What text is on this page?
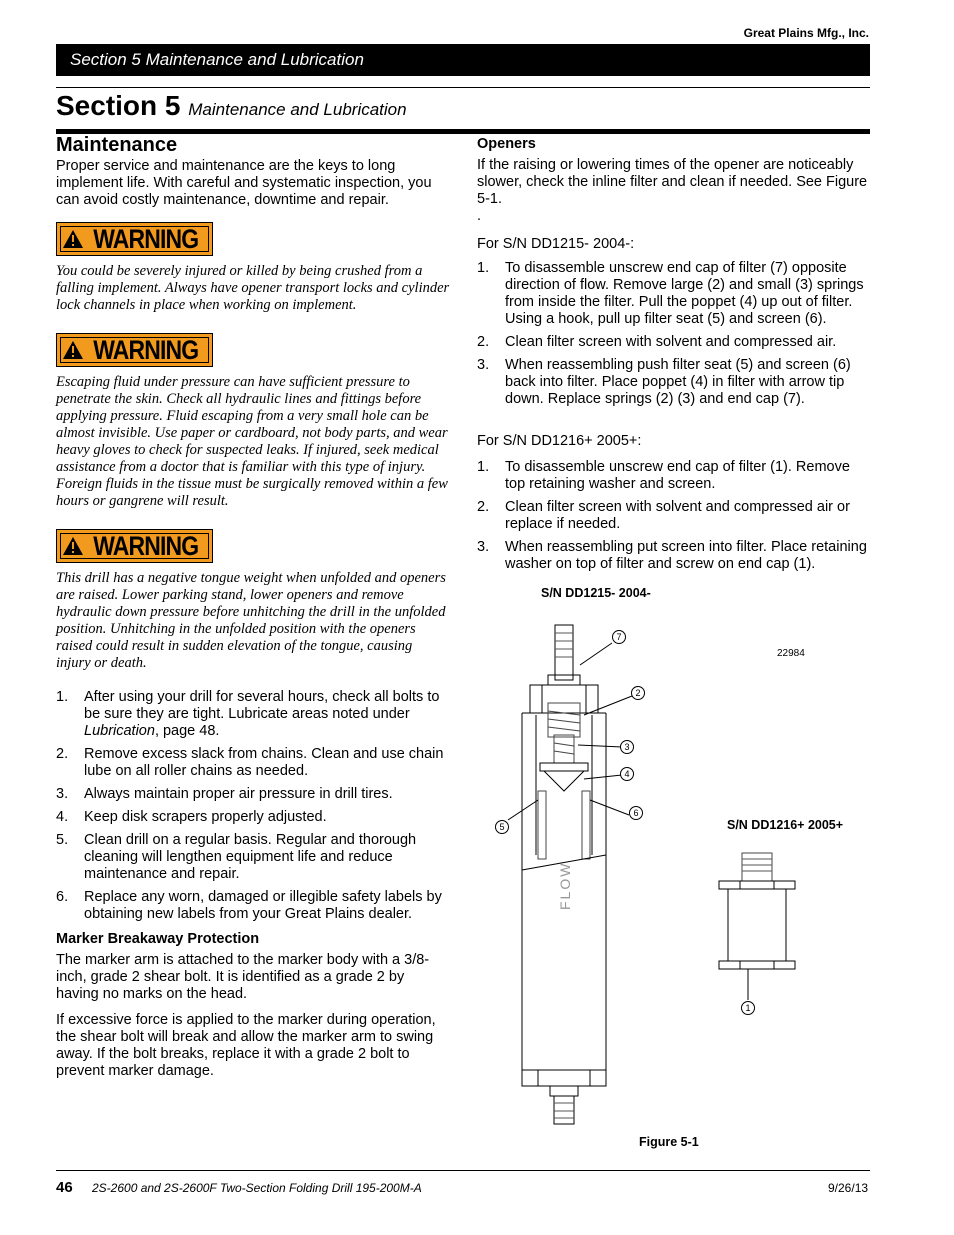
Great Plains Mfg., Inc.
Section 5 Maintenance and Lubrication
Section 5 Maintenance and Lubrication
Maintenance
Proper service and maintenance are the keys to long implement life. With careful and systematic inspection, you can avoid costly maintenance, downtime and repair.
WARNING
You could be severely injured or killed by being crushed from a falling implement. Always have opener transport locks and cylinder lock channels in place when working on implement.
WARNING
Escaping fluid under pressure can have sufficient pressure to penetrate the skin. Check all hydraulic lines and fittings before applying pressure. Fluid escaping from a very small hole can be almost invisible. Use paper or cardboard, not body parts, and wear heavy gloves to check for suspected leaks. If injured, seek medical assistance from a doctor that is familiar with this type of injury. Foreign fluids in the tissue must be surgically removed within a few hours or gangrene will result.
WARNING
This drill has a negative tongue weight when unfolded and openers are raised. Lower parking stand, lower openers and remove hydraulic down pressure before unhitching the drill in the unfolded position. Unhitching in the unfolded position with the openers raised could result in sudden elevation of the tongue, causing injury or death.
1. After using your drill for several hours, check all bolts to be sure they are tight. Lubricate areas noted under Lubrication, page 48.
2. Remove excess slack from chains. Clean and use chain lube on all roller chains as needed.
3. Always maintain proper air pressure in drill tires.
4. Keep disk scrapers properly adjusted.
5. Clean drill on a regular basis. Regular and thorough cleaning will lengthen equipment life and reduce maintenance and repair.
6. Replace any worn, damaged or illegible safety labels by obtaining new labels from your Great Plains dealer.
Marker Breakaway Protection
The marker arm is attached to the marker body with a 3/8-inch, grade 2 shear bolt. It is identified as a grade 2 by having no marks on the head.
If excessive force is applied to the marker during operation, the shear bolt will break and allow the marker arm to swing away. If the bolt breaks, replace it with a grade 2 bolt to prevent marker damage.
Openers
If the raising or lowering times of the opener are noticeably slower, check the inline filter and clean if needed. See Figure 5-1.
.
For S/N DD1215- 2004-:
1. To disassemble unscrew end cap of filter (7) opposite direction of flow. Remove large (2) and small (3) springs from inside the filter. Pull the poppet (4) up out of filter. Using a hook, pull up filter seat (5) and screen (6).
2. Clean filter screen with solvent and compressed air.
3. When reassembling push filter seat (5) and screen (6) back into filter. Place poppet (4) in filter with arrow tip down. Replace springs (2) (3) and end cap (7).
For S/N DD1216+ 2005+:
1. To disassemble unscrew end cap of filter (1). Remove top retaining washer and screen.
2. Clean filter screen with solvent and compressed air or replace if needed.
3. When reassembling put screen into filter. Place retaining washer on top of filter and screw on end cap (1).
S/N DD1215- 2004-
22984
S/N DD1216+ 2005+
7
2
3
4
6
5
1
FLOW
Figure 5-1
46 2S-2600 and 2S-2600F Two-Section Folding Drill 195-200M-A	9/26/13
